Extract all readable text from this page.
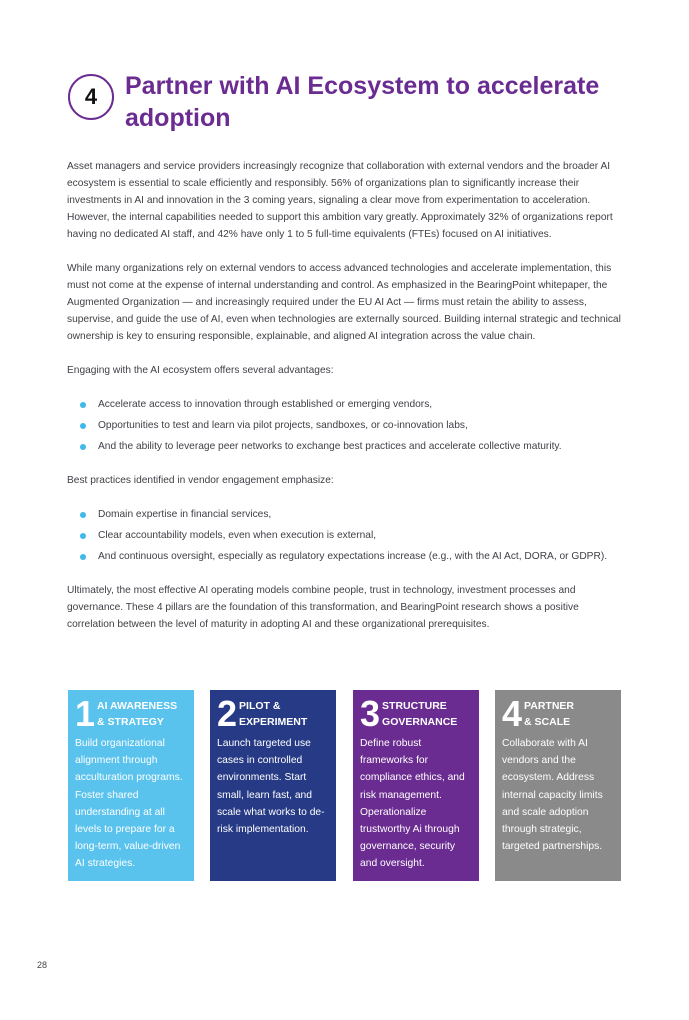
4	Partner with AI Ecosystem to accelerate adoption

Asset managers and service providers increasingly recognize that collaboration with external vendors and the broader AI ecosystem is essential to scale efficiently and responsibly. 56% of organizations plan to significantly increase their investments in AI and innovation in the 3 coming years, signaling a clear move from experimentation to acceleration. However, the internal capabilities needed to support this ambition vary greatly. Approximately 32% of organizations report having no dedicated AI staff, and 42% have only 1 to 5 full-time equivalents (FTEs) focused on AI initiatives.

While many organizations rely on external vendors to access advanced technologies and accelerate implementation, this must not come at the expense of internal understanding and control. As emphasized in the BearingPoint whitepaper, the Augmented Organization — and increasingly required under the EU AI Act — firms must retain the ability to assess, supervise, and guide the use of AI, even when technologies are externally sourced. Building internal strategic and technical ownership is key to ensuring responsible, explainable, and aligned AI integration across the value chain.

Engaging with the AI ecosystem offers several advantages:

Accelerate access to innovation through established or emerging vendors,
Opportunities to test and learn via pilot projects, sandboxes, or co-innovation labs,
And the ability to leverage peer networks to exchange best practices and accelerate collective maturity.

Best practices identified in vendor engagement emphasize:

Domain expertise in financial services,
Clear accountability models, even when execution is external,
And continuous oversight, especially as regulatory expectations increase (e.g., with the AI Act, DORA, or GDPR).

Ultimately, the most effective AI operating models combine people, trust in technology, investment processes and governance. These 4 pillars are the foundation of this transformation, and BearingPoint research shows a positive correlation between the level of maturity in adopting AI and these organizational prerequisites.

1 AI AWARENESS
& STRATEGY
Build organizational alignment through acculturation programs. Foster shared understanding at all levels to prepare for a long-term, value-driven AI strategies.
2 PILOT &
EXPERIMENT
Launch targeted use cases in controlled environments. Start small, learn fast, and scale what works to de-risk implementation.
3 STRUCTURE
GOVERNANCE
Define robust frameworks for compliance ethics, and risk management. Operationalize trustworthy Ai through governance, security and oversight.
4 PARTNER
& SCALE
Collaborate with AI vendors and the ecosystem. Address internal capacity limits and scale adoption through strategic, targeted partnerships.
28
